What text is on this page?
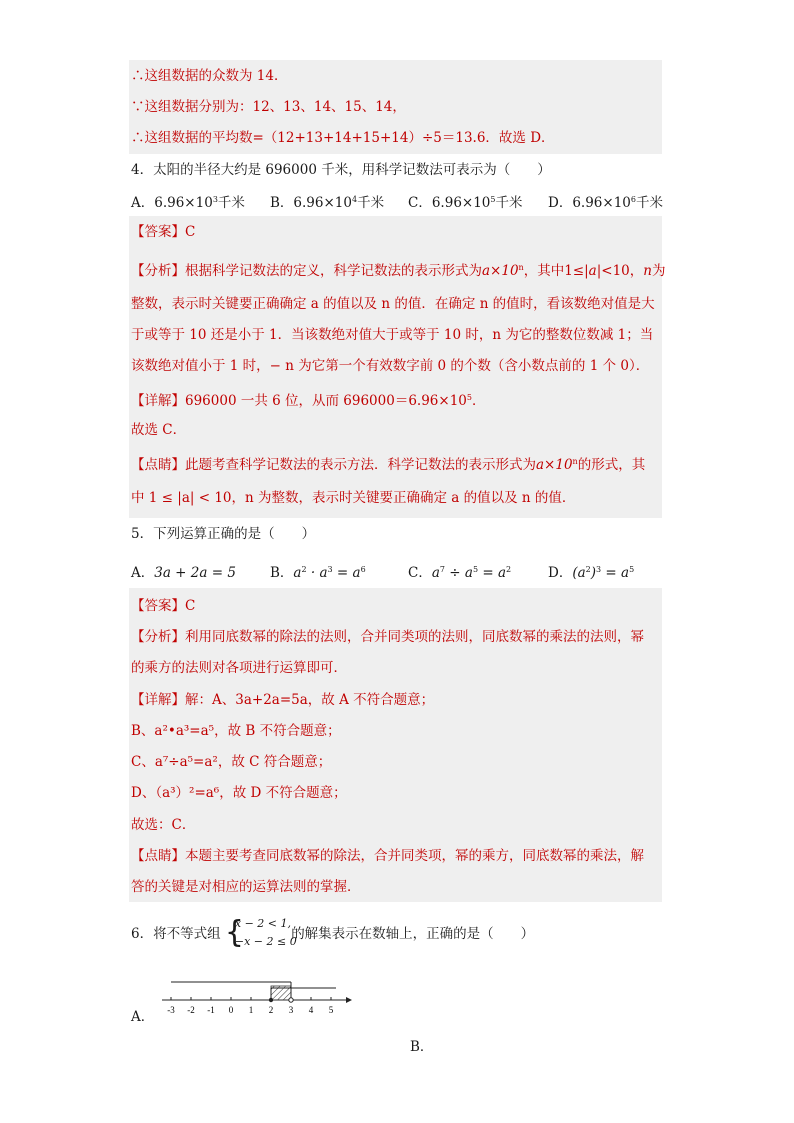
∴这组数据的众数为 14．
∵这组数据分别为：12、13、14、15、14，
∴这组数据的平均数=（12+13+14+15+14）÷5＝13.6．故选 D．
4．太阳的半径大约是 696000 千米，用科学记数法可表示为（　　）
A．$6.96\times 10^3$千米 B．$6.96\times 10^4$千米 C．$6.96\times 10^5$千米 D．$6.96\times 10^6$千米
【答案】C
【分析】根据科学记数法的定义，科学记数法的表示形式为$a\times 10^n$，其中1≤|a|<10，n为
整数，表示时关键要正确确定 a 的值以及 n 的值．在确定 n 的值时，看该数绝对值是大
于或等于 10 还是小于 1．当该数绝对值大于或等于 10 时，n 为它的整数位数减 1；当
该数绝对值小于 1 时，− n 为它第一个有效数字前 0 的个数（含小数点前的 1 个 0）．
【详解】696000 一共 6 位，从而 $696000=6.96\times 10^5$．
故选 C．
【点睛】此题考查科学记数法的表示方法．科学记数法的表示形式为$a\times 10^n$的形式，其
中 1 ≤ |a| < 10，n 为整数，表示时关键要正确确定 a 的值以及 n 的值．
5．下列运算正确的是（　　）
A．3a + 2a = 5	B．$a^2 \cdot a^3 = a^6$	C．$a^7 \div a^5 = a^2$	D．$(a^2)^3 = a^5$
【答案】C
【分析】利用同底数幂的除法的法则，合并同类项的法则，同底数幂的乘法的法则，幂
的乘方的法则对各项进行运算即可．
【详解】解：A、3a+2a=5a，故 A 不符合题意；
B、a²•a³=a⁵，故 B 不符合题意；
C、a⁷÷a⁵=a²，故 C 符合题意；
D、（a³）²=a⁶，故 D 不符合题意；
故选：C．
【点睛】本题主要考查同底数幂的除法，合并同类项，幂的乘方，同底数幂的乘法，解
答的关键是对相应的运算法则的掌握．
6．将不等式组 {
x − 2 < 1,
−x − 2 ≤ 0
的解集表示在数轴上，正确的是（　　）
A． -3 -2 -1 0 1 2 3 4 5
B．
